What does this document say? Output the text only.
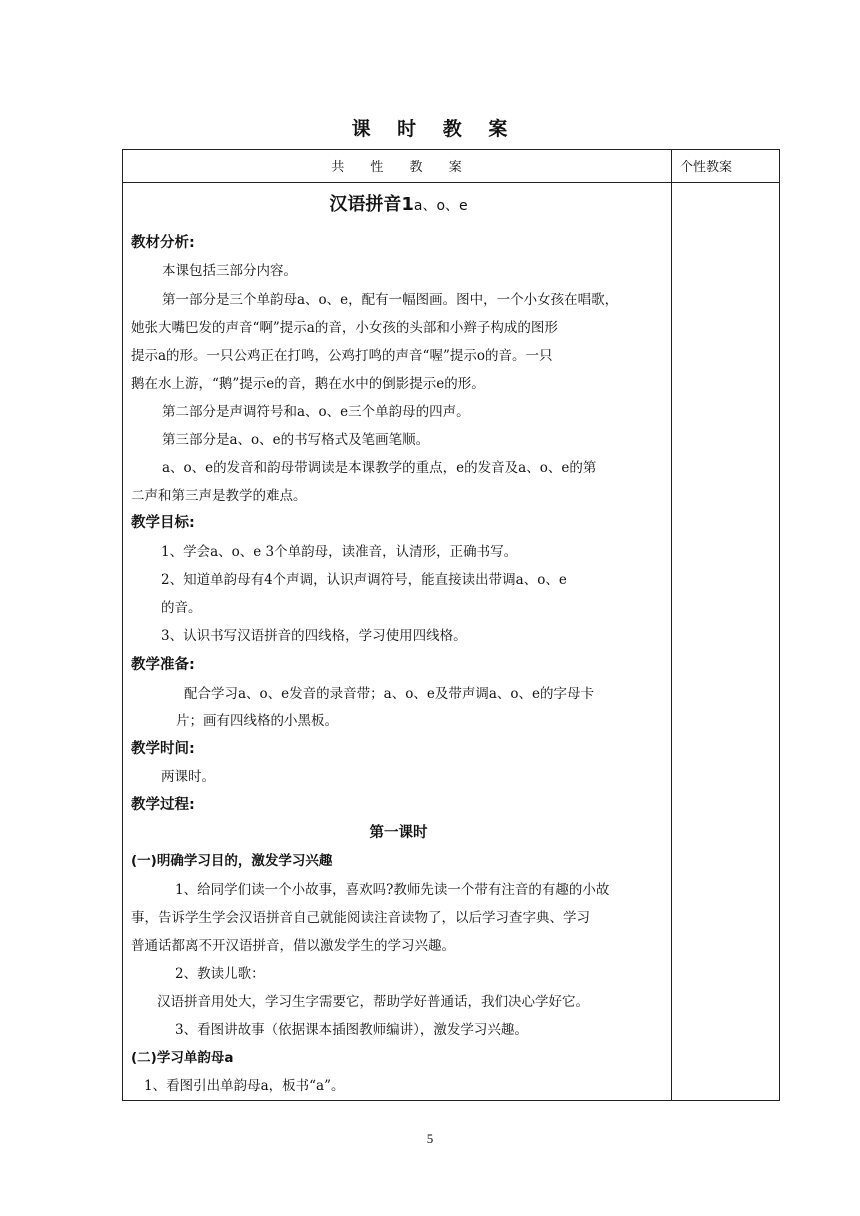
课 时 教 案
共 性 教 案	个性教案
汉语拼音1a、o、e
教材分析:
本课包括三部分内容。
第一部分是三个单韵母a、o、e，配有一幅图画。图中，一个小女孩在唱歌，
她张大嘴巴发的声音“啊”提示a的音，小女孩的头部和小辫子构成的图形
提示a的形。一只公鸡正在打鸣，公鸡打鸣的声音“喔”提示o的音。一只
鹅在水上游，“鹅”提示e的音，鹅在水中的倒影提示e的形。
第二部分是声调符号和a、o、e三个单韵母的四声。
第三部分是a、o、e的书写格式及笔画笔顺。
a、o、e的发音和韵母带调读是本课教学的重点，e的发音及a、o、e的第
二声和第三声是教学的难点。
教学目标:
1、学会a、o、e 3个单韵母，读准音，认清形，正确书写。
2、知道单韵母有4个声调，认识声调符号，能直接读出带调a、o、e
的音。
3、认识书写汉语拼音的四线格，学习使用四线格。
教学准备:
配合学习a、o、e发音的录音带；a、o、e及带声调a、o、e的字母卡
片；画有四线格的小黑板。
教学时间:
两课时。
教学过程:
第一课时
(一)明确学习目的，激发学习兴趣
1、给同学们读一个小故事，喜欢吗?教师先读一个带有注音的有趣的小故
事，告诉学生学会汉语拼音自己就能阅读注音读物了，以后学习查字典、学习
普通话都离不开汉语拼音，借以激发学生的学习兴趣。
2、教读儿歌：
汉语拼音用处大，学习生字需要它，帮助学好普通话，我们决心学好它。
3、看图讲故事（依据课本插图教师编讲），激发学习兴趣。
(二)学习单韵母a
1、看图引出单韵母a，板书“a”。
5
